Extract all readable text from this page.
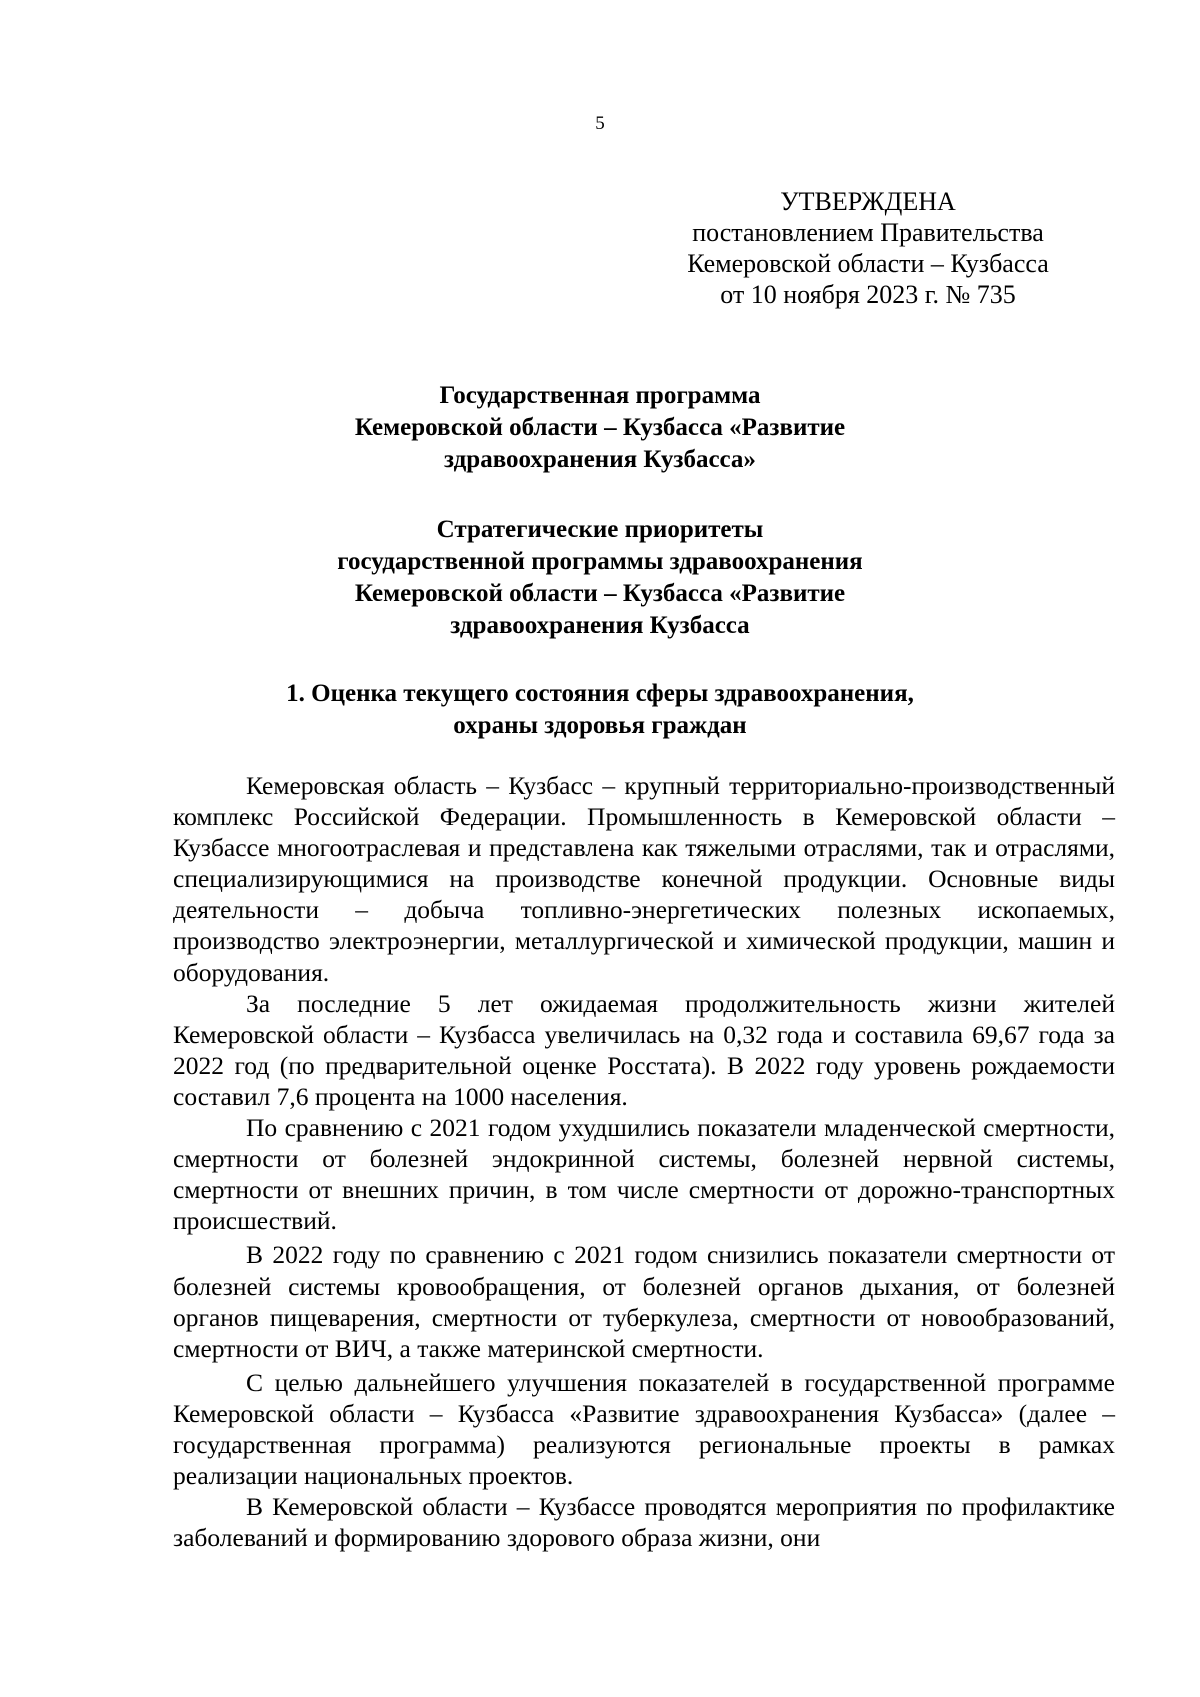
5
УТВЕРЖДЕНА
постановлением Правительства
Кемеровской области – Кузбасса
от 10 ноября 2023 г. № 735
Государственная программа
Кемеровской области – Кузбасса «Развитие
здравоохранения Кузбасса»
Стратегические приоритеты
государственной программы здравоохранения
Кемеровской области – Кузбасса «Развитие
здравоохранения Кузбасса
1. Оценка текущего состояния сферы здравоохранения,
охраны здоровья граждан

Кемеровская область – Кузбасс – крупный территориально-производственный комплекс Российской Федерации. Промышленность в Кемеровской области – Кузбассе многоотраслевая и представлена как тяжелыми отраслями, так и отраслями, специализирующимися на производстве конечной продукции. Основные виды деятельности – добыча топливно-энергетических полезных ископаемых, производство электроэнергии, металлургической и химической продукции, машин и оборудования.

За последние 5 лет ожидаемая продолжительность жизни жителей Кемеровской области – Кузбасса увеличилась на 0,32 года и составила 69,67 года за 2022 год (по предварительной оценке Росстата). В 2022 году уровень рождаемости составил 7,6 процента на 1000 населения.

По сравнению с 2021 годом ухудшились показатели младенческой смертности, смертности от болезней эндокринной системы, болезней нервной системы, смертности от внешних причин, в том числе смертности от дорожно-транспортных происшествий.

В 2022 году по сравнению с 2021 годом снизились показатели смертности от болезней системы кровообращения, от болезней органов дыхания, от болезней органов пищеварения, смертности от туберкулеза, смертности от новообразований, смертности от ВИЧ, а также материнской смертности.

С целью дальнейшего улучшения показателей в государственной программе Кемеровской области – Кузбасса «Развитие здравоохранения Кузбасса» (далее – государственная программа) реализуются региональные проекты в рамках реализации национальных проектов.

В Кемеровской области – Кузбассе проводятся мероприятия по профилактике заболеваний и формированию здорового образа жизни, они
